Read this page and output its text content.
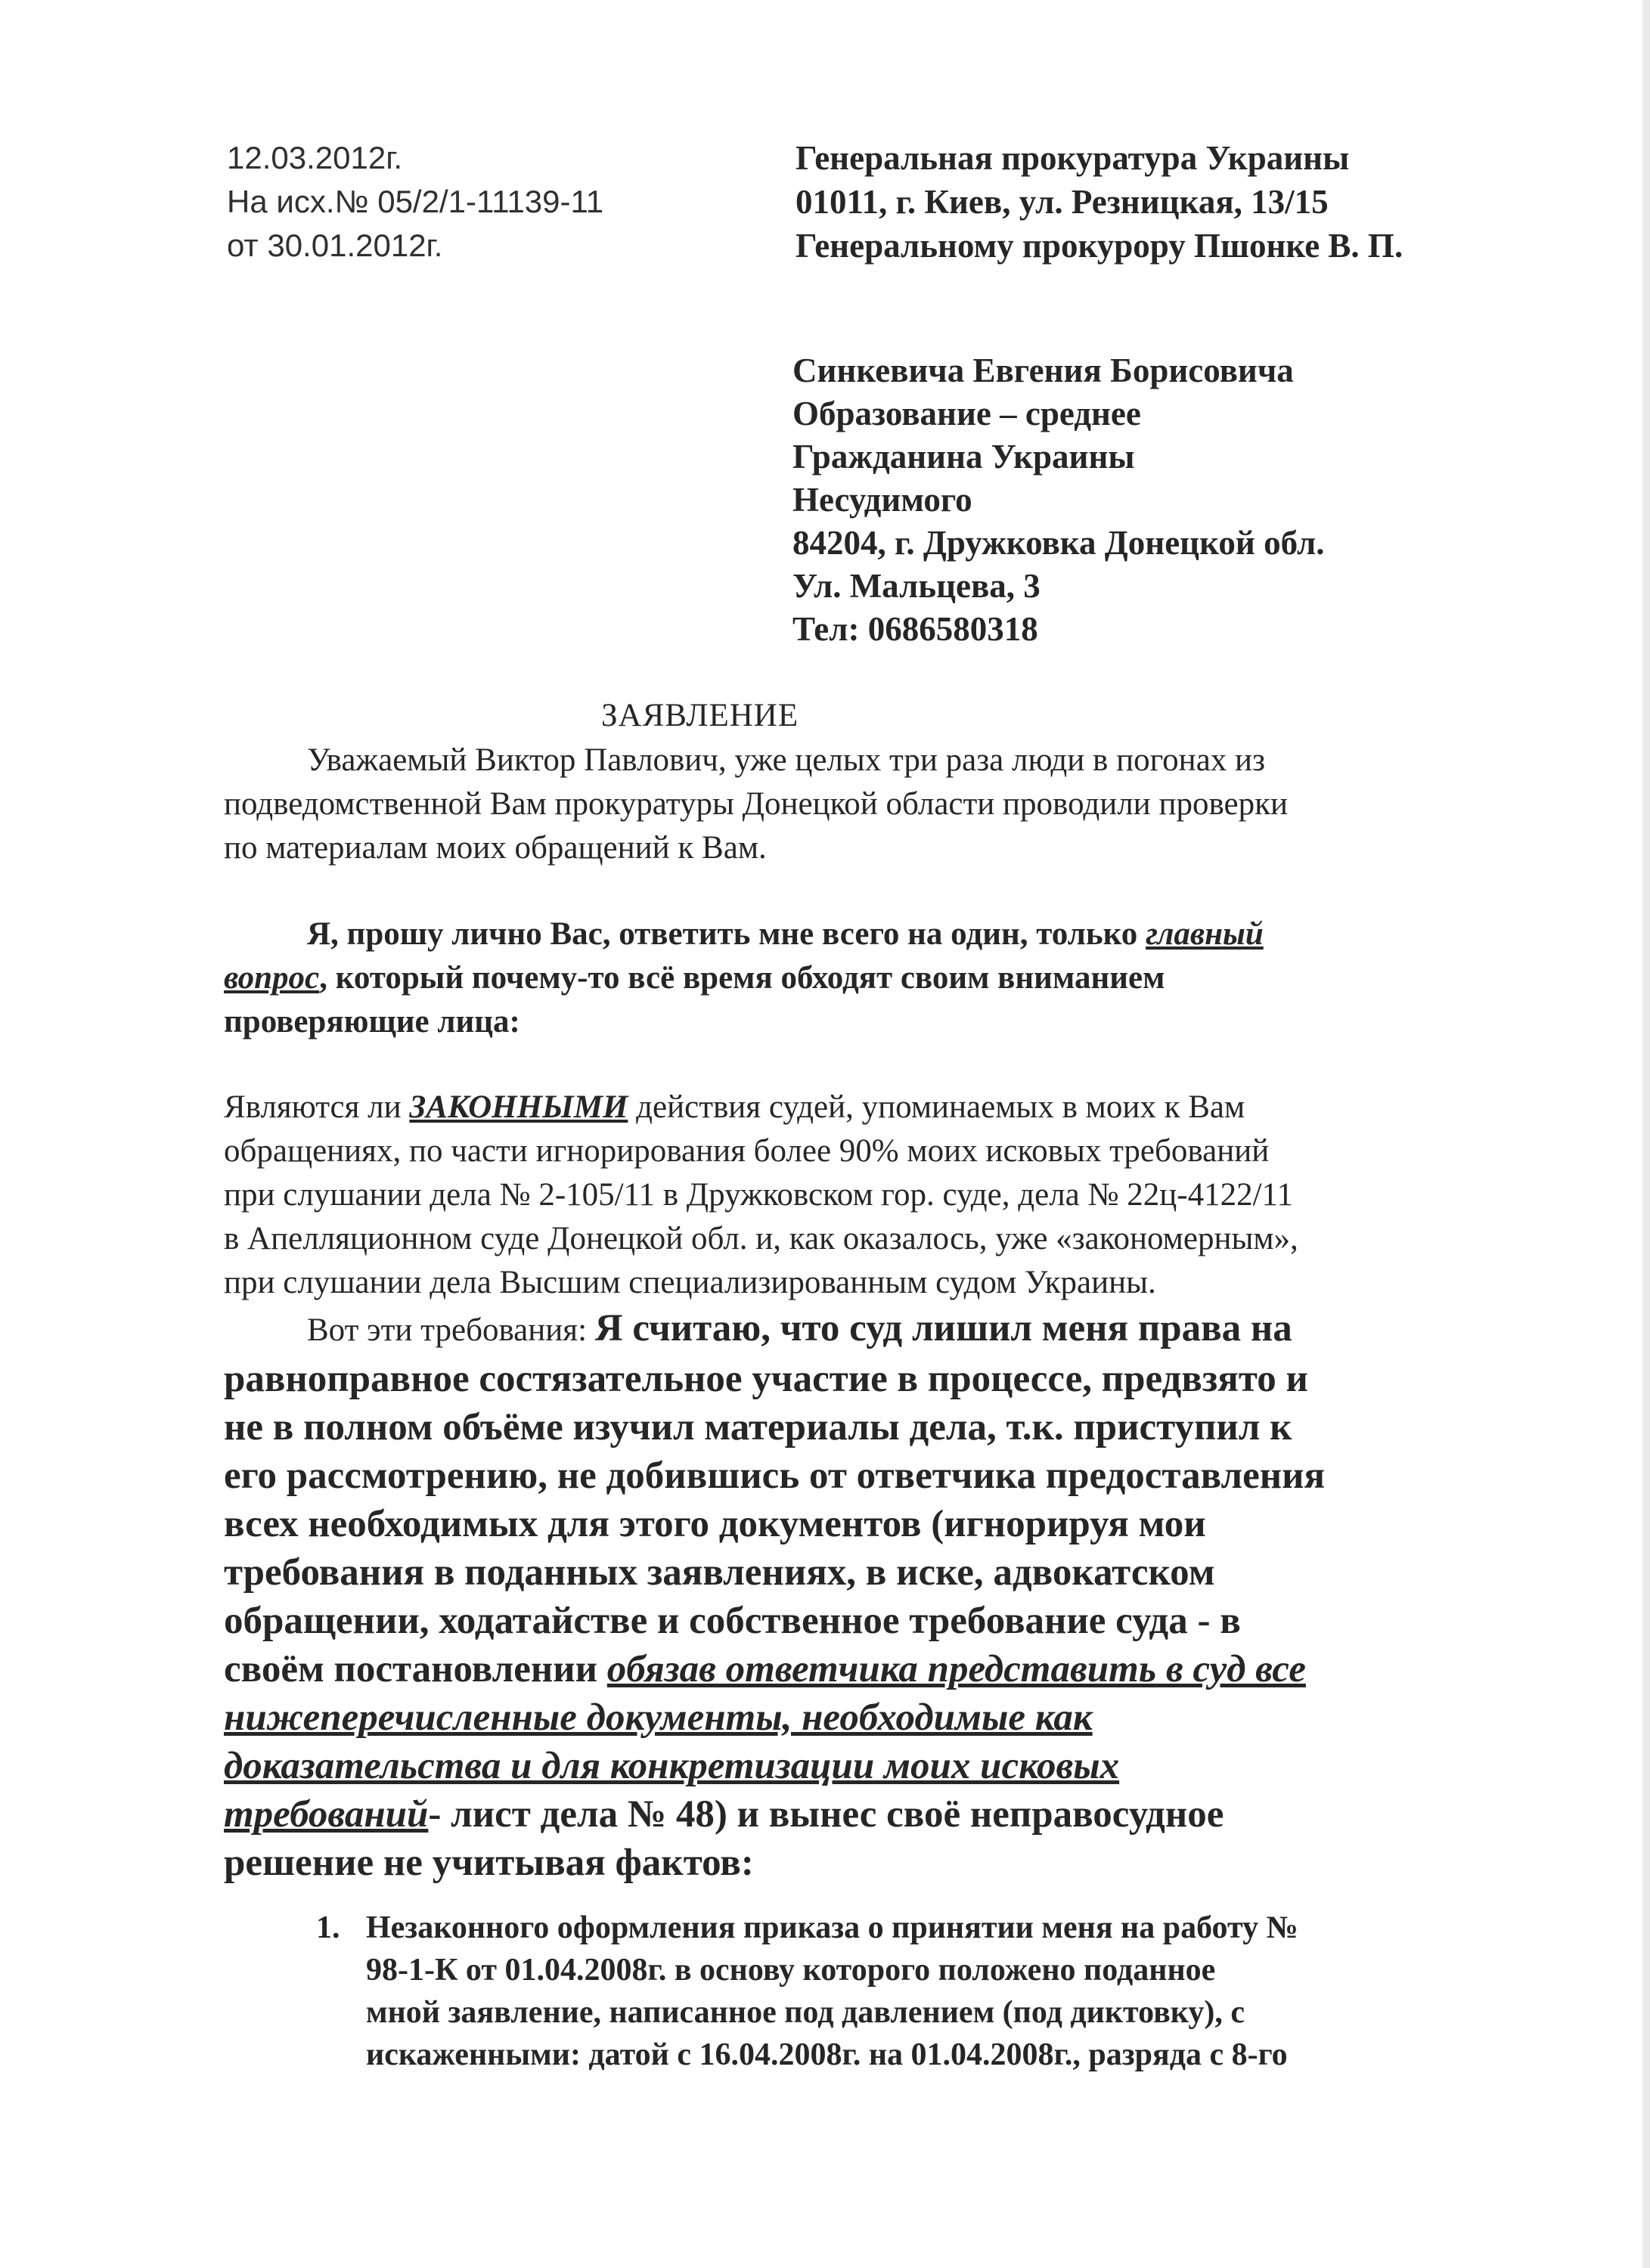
12.03.2012г.
На исх.№ 05/2/1-11139-11
от 30.01.2012г.
Генеральная прокуратура Украины
01011, г. Киев, ул. Резницкая, 13/15
Генеральному прокурору Пшонке В. П.
Синкевича Евгения Борисовича
Образование – среднее
Гражданина Украины
Несудимого
84204, г. Дружковка Донецкой обл.
Ул. Мальцева, 3
Тел: 0686580318
ЗАЯВЛЕНИЕ
Уважаемый Виктор Павлович, уже целых три раза люди в погонах из
подведомственной Вам прокуратуры Донецкой области проводили проверки
по материалам моих обращений к Вам.
Я, прошу лично Вас, ответить мне всего на один, только главный
вопрос, который почему-то всё время обходят своим вниманием
проверяющие лица:
Являются ли ЗАКОННЫМИ действия судей, упоминаемых в моих к Вам
обращениях, по части игнорирования более 90% моих исковых требований
при слушании дела № 2-105/11 в Дружковском гор. суде, дела № 22ц-4122/11
в Апелляционном суде Донецкой обл. и, как оказалось, уже «закономерным»,
при слушании дела Высшим специализированным судом Украины.
Вот эти требования: Я считаю, что суд лишил меня права на
равноправное состязательное участие в процессе, предвзято и
не в полном объёме изучил материалы дела, т.к. приступил к
его рассмотрению, не добившись от ответчика предоставления
всех необходимых для этого документов (игнорируя мои
требования в поданных заявлениях, в иске, адвокатском
обращении, ходатайстве и собственное требование суда - в
своём постановлении обязав ответчика представить в суд все
нижеперечисленные документы, необходимые как
доказательства и для конкретизации моих исковых
требований- лист дела № 48) и вынес своё неправосудное
решение не учитывая фактов:
1. Незаконного оформления приказа о принятии меня на работу №
98-1-К от 01.04.2008г. в основу которого положено поданное
мной заявление, написанное под давлением (под диктовку), с
искаженными: датой с 16.04.2008г. на 01.04.2008г., разряда с 8-го
